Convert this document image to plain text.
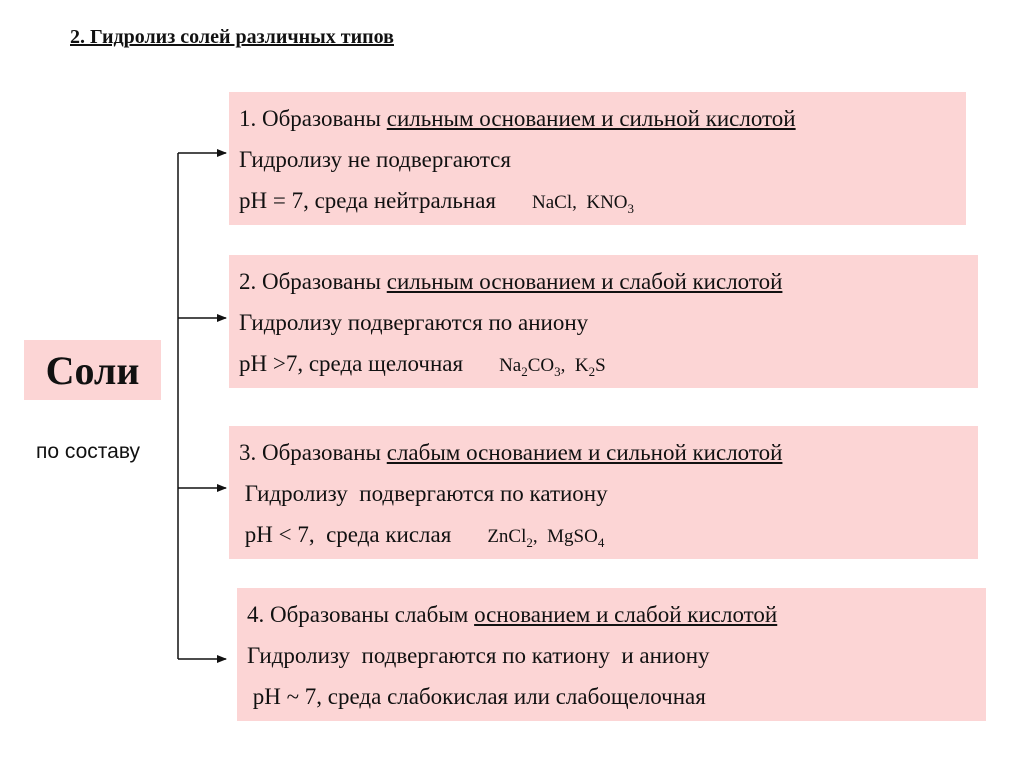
2. Гидролиз солей различных типов
Соли
по составу
1. Образованы сильным основанием и сильной кислотой
Гидролизу не подвергаются
pH = 7, среда нейтральная NaCl, $KNO_3$
2. Образованы сильным основанием и слабой кислотой
Гидролизу подвергаются по аниону
pH >7, среда щелочная $Na_2CO_3$, $K_2S$
3. Образованы слабым основанием и сильной кислотой
Гидролизу  подвергаются по катиону
pH < 7,  среда кислая ZnCl$_2$, MgSO$_4$
4. Образованы слабым основанием и слабой кислотой
Гидролизу  подвергаются по катиону  и аниону
pH ~ 7, среда слабокислая или слабощелочная
